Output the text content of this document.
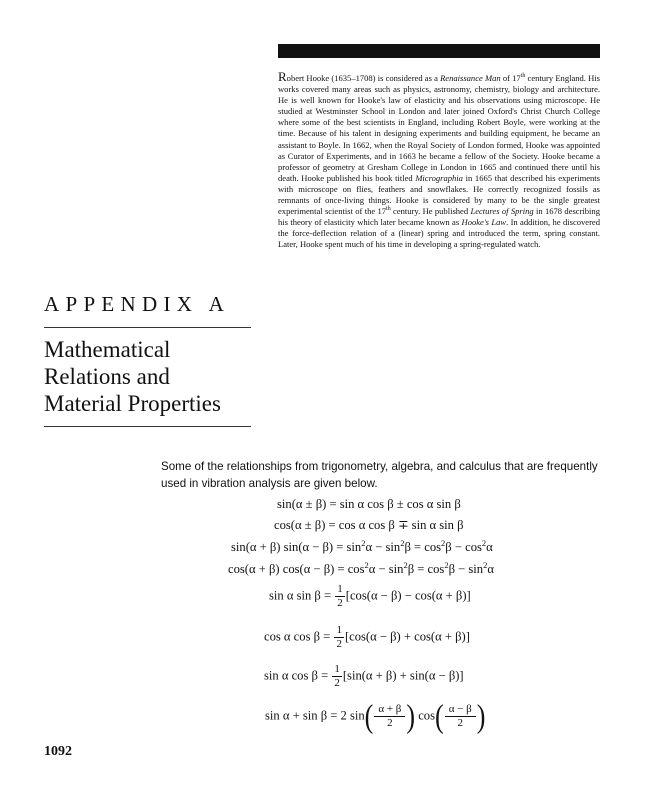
Robert Hooke (1635–1708) is considered as a Renaissance Man of 17th century England. His works covered many areas such as physics, astronomy, chemistry, biology and architecture. He is well known for Hooke's law of elasticity and his observations using microscope. He studied at Westminster School in London and later joined Oxford's Christ Church College where some of the best scientists in England, including Robert Boyle, were working at the time. Because of his talent in designing experiments and building equipment, he became an assistant to Boyle. In 1662, when the Royal Society of London formed, Hooke was appointed as Curator of Experiments, and in 1663 he became a fellow of the Society. Hooke became a professor of geometry at Gresham College in London in 1665 and continued there until his death. Hooke published his book titled Micrographia in 1665 that described his experiments with microscope on flies, feathers and snowflakes. He correctly recognized fossils as remnants of once-living things. Hooke is considered by many to be the single greatest experimental scientist of the 17th century. He published Lectures of Spring in 1678 describing his theory of elasticity which later became known as Hooke's Law. In addition, he discovered the force-deflection relation of a (linear) spring and introduced the term, spring constant. Later, Hooke spent much of his time in developing a spring-regulated watch.

APPENDIX A
Mathematical
Relations and
Material Properties

Some of the relationships from trigonometry, algebra, and calculus that are frequently used in vibration analysis are given below.

sin(α ± β) = sin α cos β ± cos α sin β
cos(α ± β) = cos α cos β ∓ sin α sin β
sin(α + β) $\sin(\alpha - \beta) = \sin^2\alpha - \sin^2\beta = \cos^2\beta - \cos^2\alpha$
cos(α + β) $\cos(\alpha - \beta) = \cos^2\alpha - \sin^2\beta = \cos^2\beta - \sin^2\alpha$
sin α $\sin \beta = \frac{1}{2} [\cos(\alpha - \beta) - \cos(\alpha + \beta)]$
cos α $\cos \beta = \frac{1}{2} [\cos(\alpha - \beta) + \cos(\alpha + \beta)]$
sin α $\cos \beta = \frac{1}{2} [\sin(\alpha + \beta) + \sin(\alpha - \beta)]$
sin α + sin β = 2 $\sin( \frac{\alpha + \beta}{2}$ ) $\cos( \frac{\alpha - \beta}{2}$ )
1092
